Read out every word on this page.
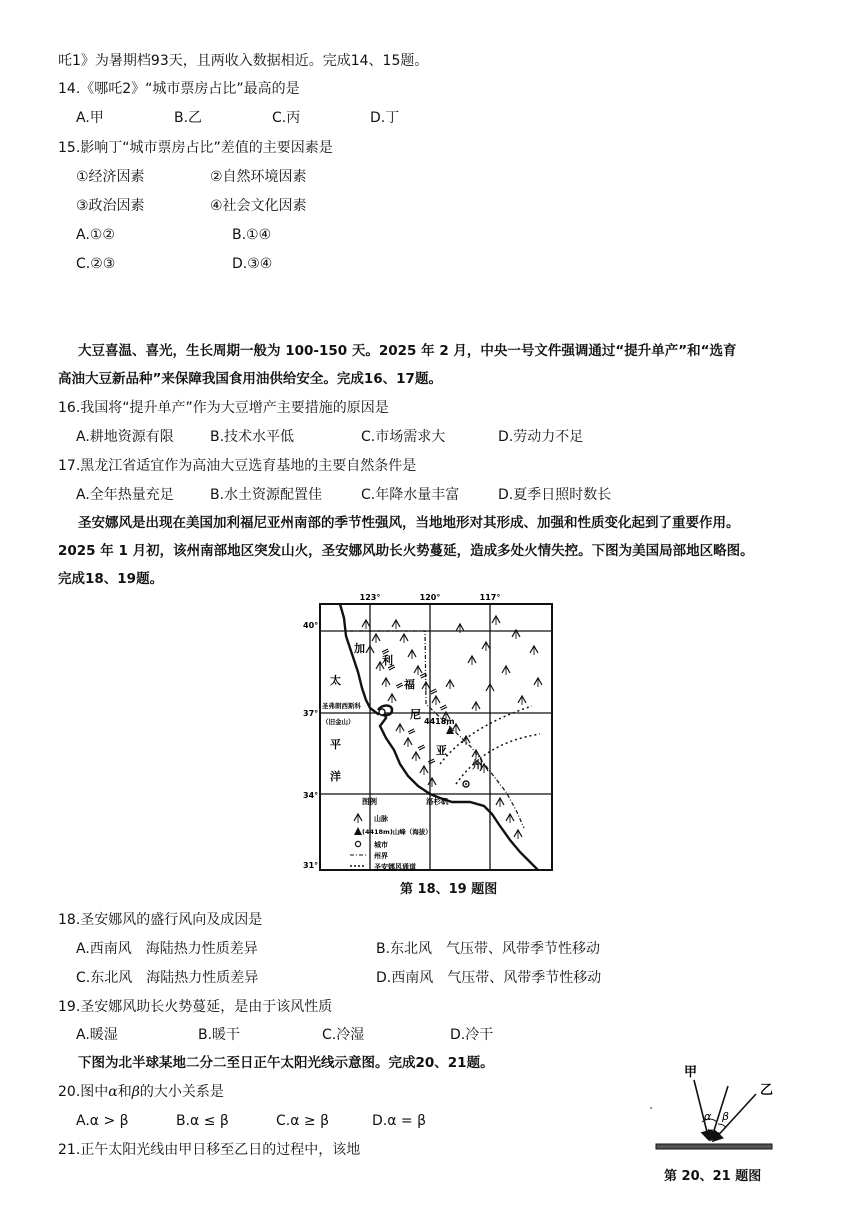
吒1》为暑期档93天，且两收入数据相近。完成14、15题。
14.《哪吒2》“城市票房占比”最高的是
A.甲	B.乙	C.丙	D.丁
15.影响丁“城市票房占比”差值的主要因素是
①经济因素	②自然环境因素
③政治因素	④社会文化因素
A.①②	B.①④
C.②③	D.③④
大豆喜温、喜光，生长周期一般为 100-150 天。2025 年 2 月，中央一号文件强调通过“提升单产”和“选育
高油大豆新品种”来保障我国食用油供给安全。完成16、17题。
16.我国将“提升单产”作为大豆增产主要措施的原因是
A.耕地资源有限	B.技术水平低	C.市场需求大	D.劳动力不足
17.黑龙江省适宜作为高油大豆选育基地的主要自然条件是
A.全年热量充足	B.水土资源配置佳	C.年降水量丰富	D.夏季日照时数长
圣安娜风是出现在美国加利福尼亚州南部的季节性强风，当地地形对其形成、加强和性质变化起到了重要作用。
2025 年 1 月初，该州南部地区突发山火，圣安娜风助长火势蔓延，造成多处火情失控。下图为美国局部地区略图。
完成18、19题。
123°	120°	117°
40°
37°
34°
31°
4418m
太
平
洋
加
利
福
尼
亚
州
圣弗朗西斯科
（旧金山）
洛杉矶
图例
山脉
(4418m)山峰（海拔）
城市
州界
圣安娜风通道
第 18、19 题图
18.圣安娜风的盛行风向及成因是
A.西南风　海陆热力性质差异	B.东北风　气压带、风带季节性移动
C.东北风　海陆热力性质差异	D.西南风　气压带、风带季节性移动
19.圣安娜风助长火势蔓延，是由于该风性质
A.暖湿	B.暖干	C.冷湿	D.冷干
下图为北半球某地二分二至日正午太阳光线示意图。完成20、21题。
20.图中α和β的大小关系是
A.α > β	B.α ≤ β	C.α ≥ β	D.α = β
21.正午太阳光线由甲日移至乙日的过程中，该地
甲
乙
α β
第 20、21 题图
